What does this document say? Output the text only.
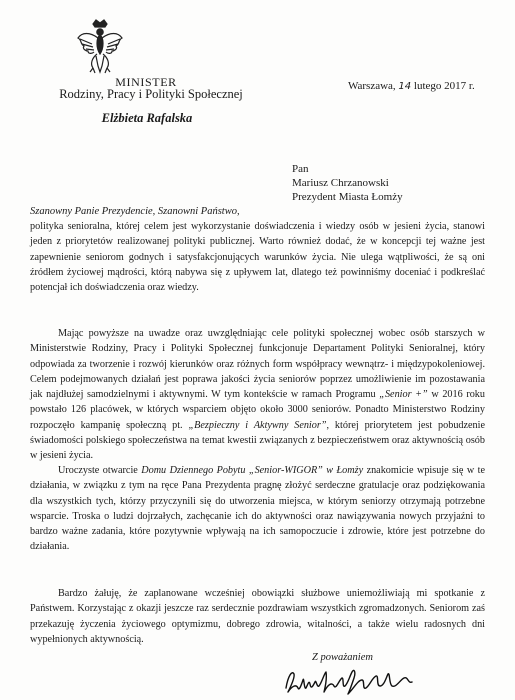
MINISTER
Rodziny, Pracy i Polityki Społecznej
Elżbieta Rafalska
Warszawa, 14 lutego 2017 r.
Pan
Mariusz Chrzanowski
Prezydent Miasta Łomży
Szanowny Panie Prezydencie, Szanowni Państwo,

polityka senioralna, której celem jest wykorzystanie doświadczenia i wiedzy osób w jesieni życia, stanowi jeden z priorytetów realizowanej polityki publicznej. Warto również dodać, że w koncepcji tej ważne jest zapewnienie seniorom godnych i satysfakcjonujących warunków życia. Nie ulega wątpliwości, że są oni źródłem życiowej mądrości, którą nabywa się z upływem lat, dlatego też powinniśmy doceniać i podkreślać potencjał ich doświadczenia oraz wiedzy.

Mając powyższe na uwadze oraz uwzględniając cele polityki społecznej wobec osób starszych w Ministerstwie Rodziny, Pracy i Polityki Społecznej funkcjonuje Departament Polityki Senioralnej, który odpowiada za tworzenie i rozwój kierunków oraz różnych form współpracy wewnątrz- i międzypokoleniowej. Celem podejmowanych działań jest poprawa jakości życia seniorów poprzez umożliwienie im pozostawania jak najdłużej samodzielnymi i aktywnymi. W tym kontekście w ramach Programu „Senior +” w 2016 roku powstało 126 placówek, w których wsparciem objęto około 3000 seniorów. Ponadto Ministerstwo Rodziny rozpoczęło kampanię społeczną pt. „Bezpieczny i Aktywny Senior”, której priorytetem jest pobudzenie świadomości polskiego społeczeństwa na temat kwestii związanych z bezpieczeństwem oraz aktywnością osób w jesieni życia.

Uroczyste otwarcie Domu Dziennego Pobytu „Senior-WIGOR” w Łomży znakomicie wpisuje się w te działania, w związku z tym na ręce Pana Prezydenta pragnę złożyć serdeczne gratulacje oraz podziękowania dla wszystkich tych, którzy przyczynili się do utworzenia miejsca, w którym seniorzy otrzymają potrzebne wsparcie. Troska o ludzi dojrzałych, zachęcanie ich do aktywności oraz nawiązywania nowych przyjaźni to bardzo ważne zadania, które pozytywnie wpływają na ich samopoczucie i zdrowie, które jest potrzebne do działania.

Bardzo żałuję, że zaplanowane wcześniej obowiązki służbowe uniemożliwiają mi spotkanie z Państwem. Korzystając z okazji jeszcze raz serdecznie pozdrawiam wszystkich zgromadzonych. Seniorom zaś przekazuję życzenia życiowego optymizmu, dobrego zdrowia, witalności, a także wielu radosnych dni wypełnionych aktywnością.

Z poważaniem
